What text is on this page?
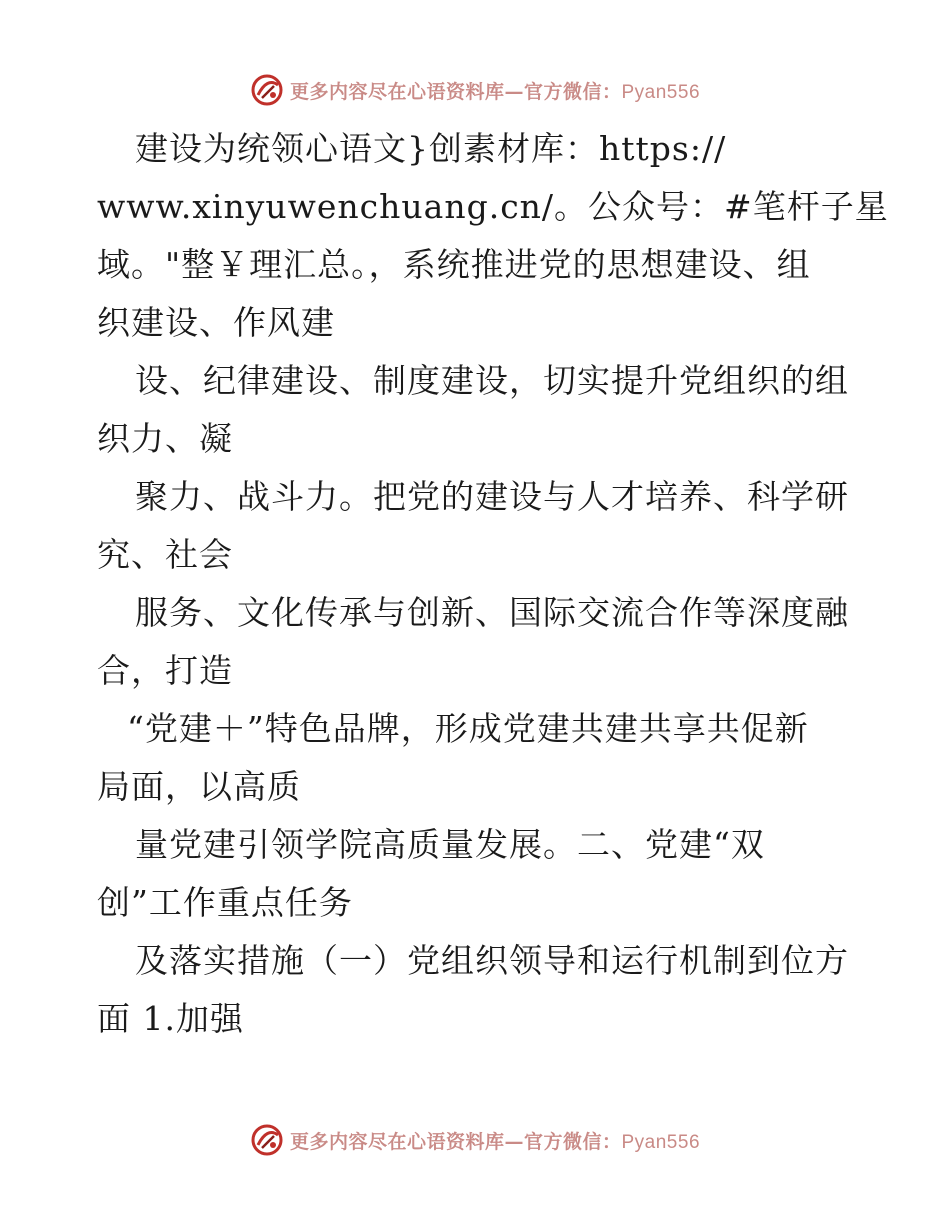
更多内容尽在心语资料库—官方微信：Pyan556
建设为统领心语文}创素材库：https://
www.xinyuwenchuang.cn/。公众号：#笔杆子星
域。"整￥理汇总。，系统推进党的思想建设、组
织建设、作风建
设、纪律建设、制度建设，切实提升党组织的组
织力、凝
聚力、战斗力。把党的建设与人才培养、科学研
究、社会
服务、文化传承与创新、国际交流合作等深度融
合，打造
“党建＋”特色品牌，形成党建共建共享共促新
局面，以高质
量党建引领学院高质量发展。二、党建“双
创”工作重点任务
及落实措施（一）党组织领导和运行机制到位方
面 1.加强
更多内容尽在心语资料库—官方微信：Pyan556
